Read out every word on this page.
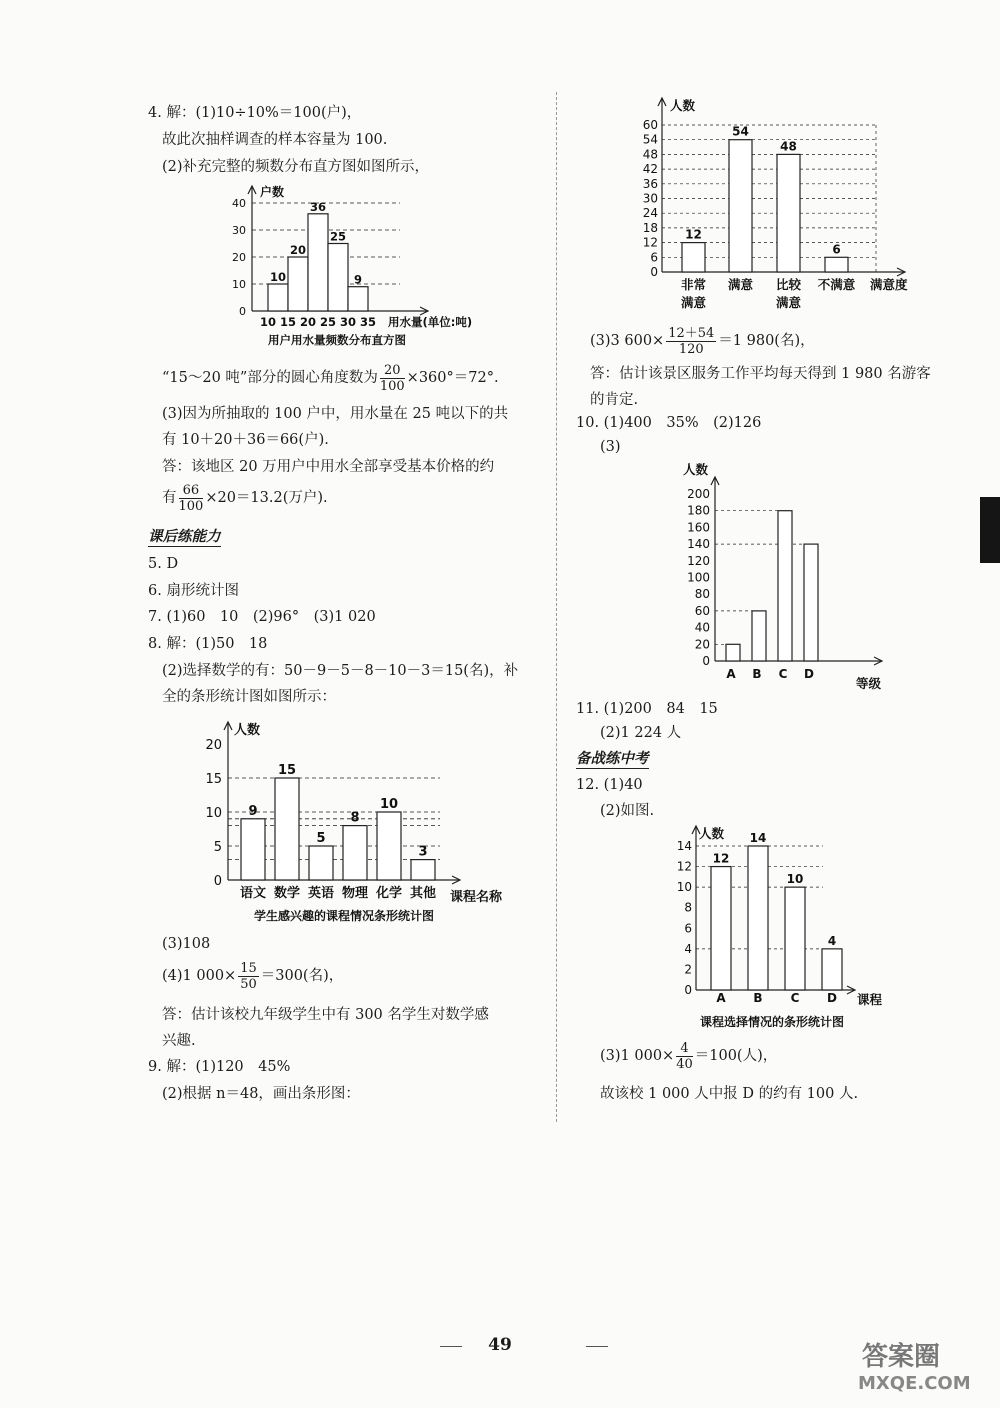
4. 解：(1)10÷10%＝100(户)，
故此次抽样调查的样本容量为 100.
(2)补充完整的频数分布直方图如图所示，
户数
0
10
20
30
40
10
20
36
25
9
10 15 20 25 30 35 用水量(单位:吨)
用户用水量频数分布直方图
“15～20 吨”部分的圆心角度数为 $\frac{20}{100} \times 360^\circ=72^\circ$.
(3)因为所抽取的 100 户中，用水量在 25 吨以下的共
有 10＋20＋36＝66(户).
答：该地区 20 万用户中用水全部享受基本价格的约
有 $\frac{66}{100} \times 20=13.2$(万户).
课后练能力
5. D
6. 扇形统计图
7. (1)60　10　(2)96°　(3)1 020
8. 解：(1)50　18
(2)选择数学的有：50－9－5－8－10－3＝15(名)，补
全的条形统计图如图所示：
人数
0
5
10
15
20
9
语文
15
数学
5
英语
8
物理
10
化学
3
其他 课程名称
学生感兴趣的课程情况条形统计图
(3)108
(4)1 $000\times \frac{15}{50} =300$(名)，
答：估计该校九年级学生中有 300 名学生对数学感
兴趣.
9. 解：(1)120　45%
(2)根据 n＝48，画出条形图：
人数
0
6
12
18
24
30
36
42
48
54
60
12
非常
满意
54
满意
48
比较
满意
6
不满意 满意度
(3)3 $600\times \frac{12+54}{120} =1$ 980(名)，
答：估计该景区服务工作平均每天得到 1 980 名游客
的肯定.
10. (1)400　35%　(2)126
(3)
人数
0
20
40
60
80
100
120
140
160
180
200
A B C D
等级
11. (1)200　84　15
(2)1 224 人
备战练中考
12. (1)40
(2)如图.
人数
0
2
4
6
8
10
12
14
12
A
14
B
10
C
4
D 课程
课程选择情况的条形统计图
(3)1 $000\times \frac{4}{40} =100$(人)，
故该校 1 000 人中报 D 的约有 100 人.
49	答案圈
MXQE.COM
